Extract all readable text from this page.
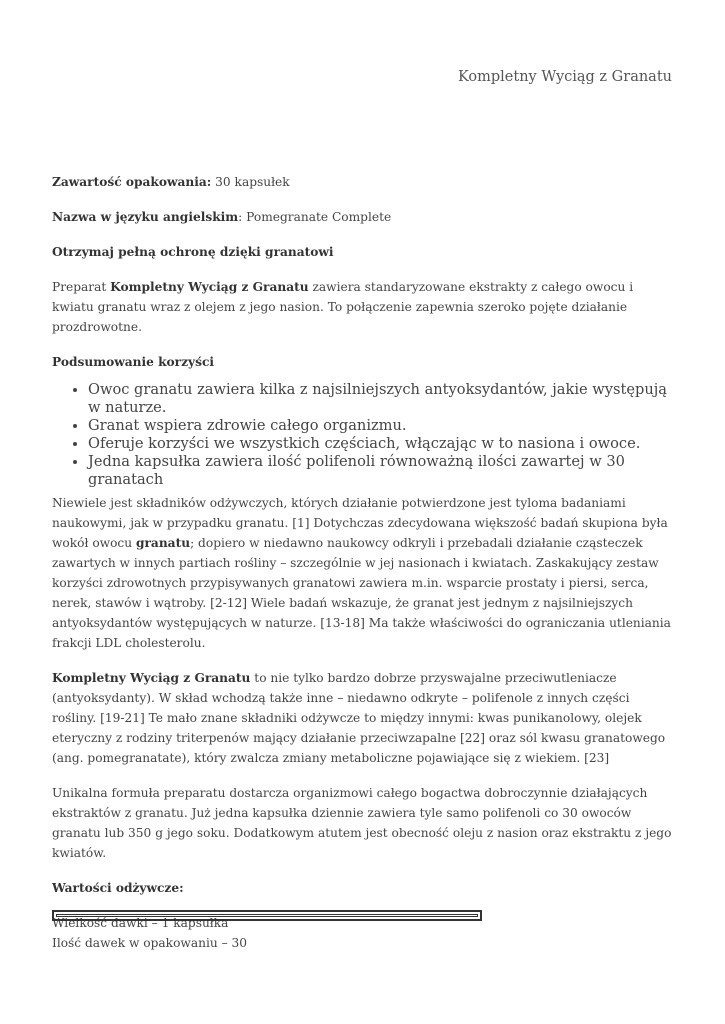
Kompletny Wyciąg z Granatu

Zawartość opakowania: 30 kapsułek

Nazwa w języku angielskim: Pomegranate Complete

Otrzymaj pełną ochronę dzięki granatowi

Preparat Kompletny Wyciąg z Granatu zawiera standaryzowane ekstrakty z całego owocu i kwiatu granatu wraz z olejem z jego nasion. To połączenie zapewnia szeroko pojęte działanie prozdrowotne.

Podsumowanie korzyści

• Owoc granatu zawiera kilka z najsilniejszych antyoksydantów, jakie występują w naturze.
• Granat wspiera zdrowie całego organizmu.
• Oferuje korzyści we wszystkich częściach, włączając w to nasiona i owoce.
• Jedna kapsułka zawiera ilość polifenoli równoważną ilości zawartej w 30 granatach

Niewiele jest składników odżywczych, których działanie potwierdzone jest tyloma badaniami naukowymi, jak w przypadku granatu. [1] Dotychczas zdecydowana większość badań skupiona była wokół owocu granatu; dopiero w niedawno naukowcy odkryli i przebadali działanie cząsteczek zawartych w innych partiach rośliny – szczególnie w jej nasionach i kwiatach. Zaskakujący zestaw korzyści zdrowotnych przypisywanych granatowi zawiera m.in. wsparcie prostaty i piersi, serca, nerek, stawów i wątroby. [2-12] Wiele badań wskazuje, że granat jest jednym z najsilniejszych antyoksydantów występujących w naturze. [13-18] Ma także właściwości do ograniczania utleniania frakcji LDL cholesterolu.

Kompletny Wyciąg z Granatu to nie tylko bardzo dobrze przyswajalne przeciwutleniacze (antyoksydanty). W skład wchodzą także inne – niedawno odkryte – polifenole z innych części rośliny. [19-21] Te mało znane składniki odżywcze to między innymi: kwas punikanolowy, olejek eteryczny z rodziny triterpenów mający działanie przeciwzapalne [22] oraz sól kwasu granatowego (ang. pomegranatate), który zwalcza zmiany metaboliczne pojawiające się z wiekiem. [23]

Unikalna formuła preparatu dostarcza organizmowi całego bogactwa dobroczynnie działających ekstraktów z granatu. Już jedna kapsułka dziennie zawiera tyle samo polifenoli co 30 owoców granatu lub 350 g jego soku. Dodatkowym atutem jest obecność oleju z nasion oraz ekstraktu z jego kwiatów.

Wartości odżywcze:

Wielkość dawki – 1 kapsułka
Ilość dawek w opakowaniu – 30
